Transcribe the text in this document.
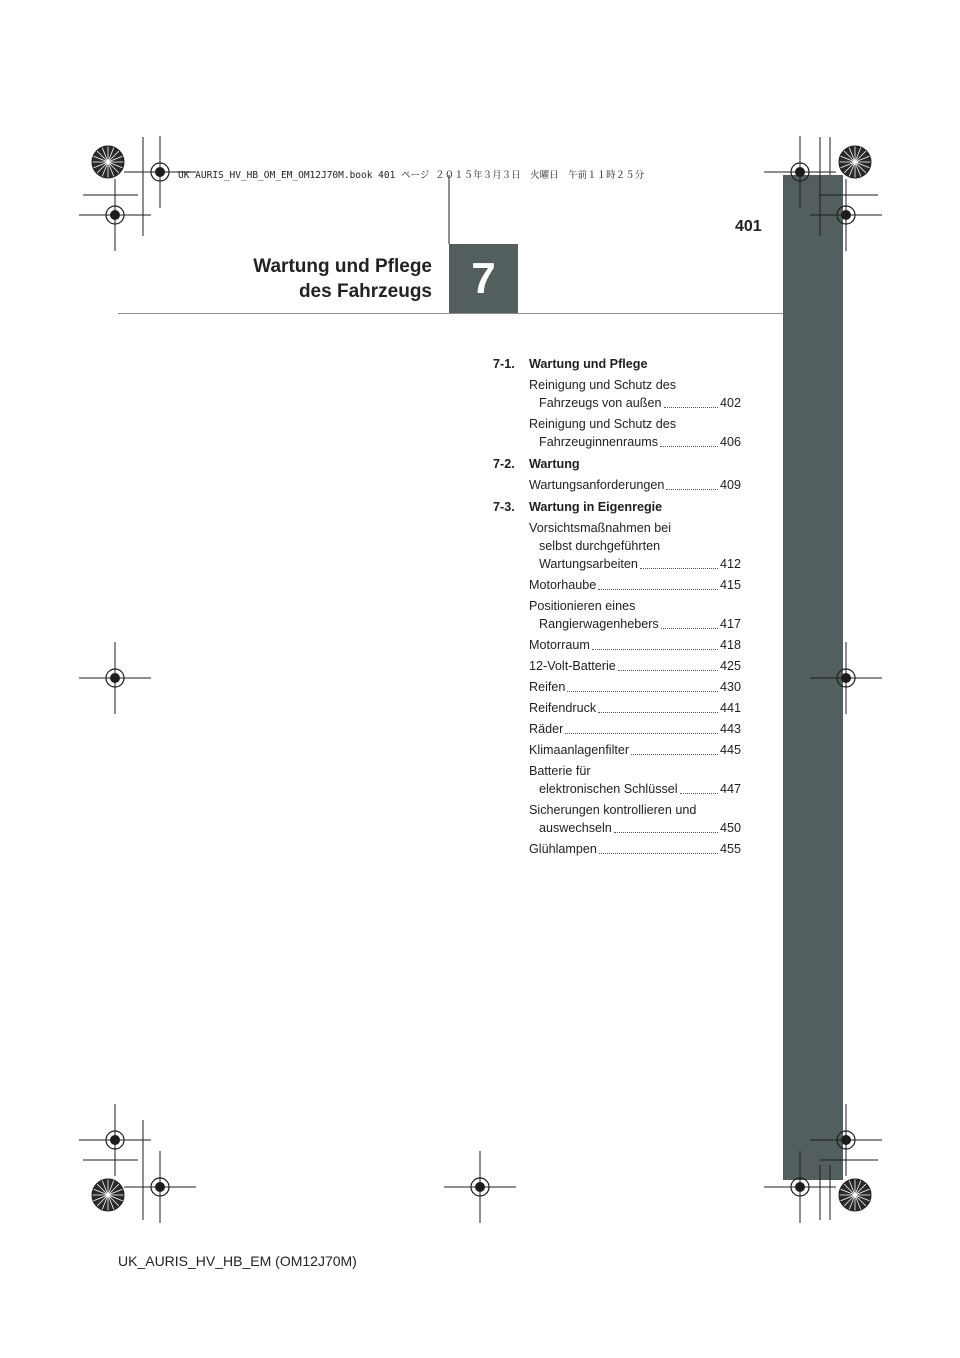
UK AURIS_HV_HB_OM_EM_OM12J70M.book 401 ページ ２０１５年３月３日　火曜日　午前１１時２５分
401
Wartung und Pflege
des Fahrzeugs 7
7-1. Wartung und Pflege
Reinigung und Schutz des
Fahrzeugs von außen	402
Reinigung und Schutz des
Fahrzeuginnenraums	406
7-2. Wartung
Wartungsanforderungen	409
7-3. Wartung in Eigenregie
Vorsichtsmaßnahmen bei
selbst durchgeführten
Wartungsarbeiten	412
Motorhaube	415
Positionieren eines
Rangierwagenhebers	417
Motorraum	418
12-Volt-Batterie	425
Reifen	430
Reifendruck	441
Räder	443
Klimaanlagenfilter	445
Batterie für
elektronischen Schlüssel	447
Sicherungen kontrollieren und
auswechseln	450
Glühlampen	455
UK_AURIS_HV_HB_EM (OM12J70M)
